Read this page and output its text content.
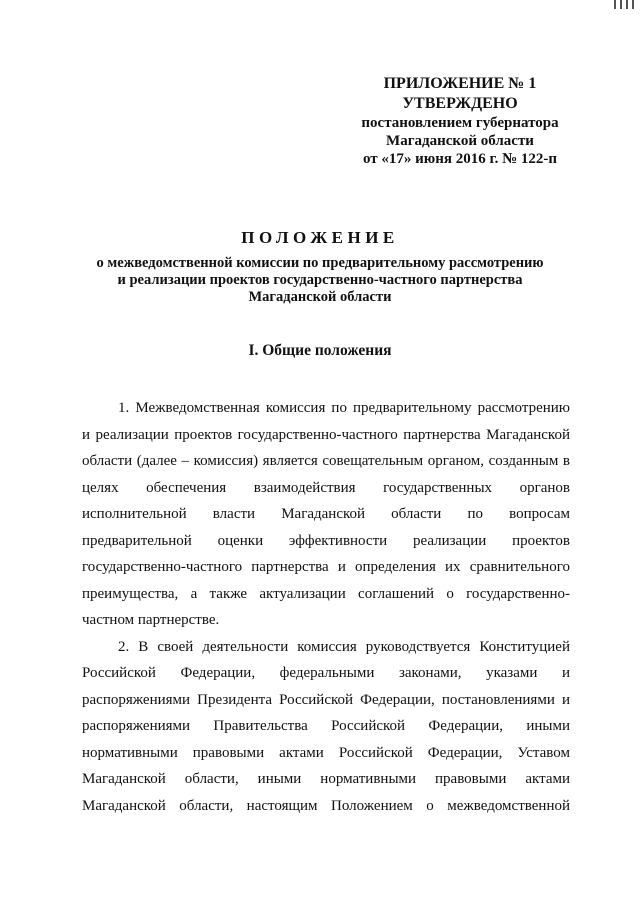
ПРИЛОЖЕНИЕ № 1
УТВЕРЖДЕНО
постановлением губернатора
Магаданской области
от «17» июня 2016 г. № 122-п
ПОЛОЖЕНИЕ
о межведомственной комиссии по предварительному рассмотрению
и реализации проектов государственно-частного партнерства
Магаданской области
I. Общие положения
1. Межведомственная комиссия по предварительному рассмотрению
и реализации проектов государственно-частного партнерства Магаданской
области (далее – комиссия) является совещательным органом, созданным в
целях обеспечения взаимодействия государственных органов
исполнительной власти Магаданской области по вопросам
предварительной оценки эффективности реализации проектов
государственно-частного партнерства и определения их сравнительного
преимущества, а также актуализации соглашений о государственно-
частном партнерстве.
2. В своей деятельности комиссия руководствуется Конституцией
Российской Федерации, федеральными законами, указами и
распоряжениями Президента Российской Федерации, постановлениями и
распоряжениями Правительства Российской Федерации, иными
нормативными правовыми актами Российской Федерации, Уставом
Магаданской области, иными нормативными правовыми актами
Магаданской области, настоящим Положением о межведомственной
